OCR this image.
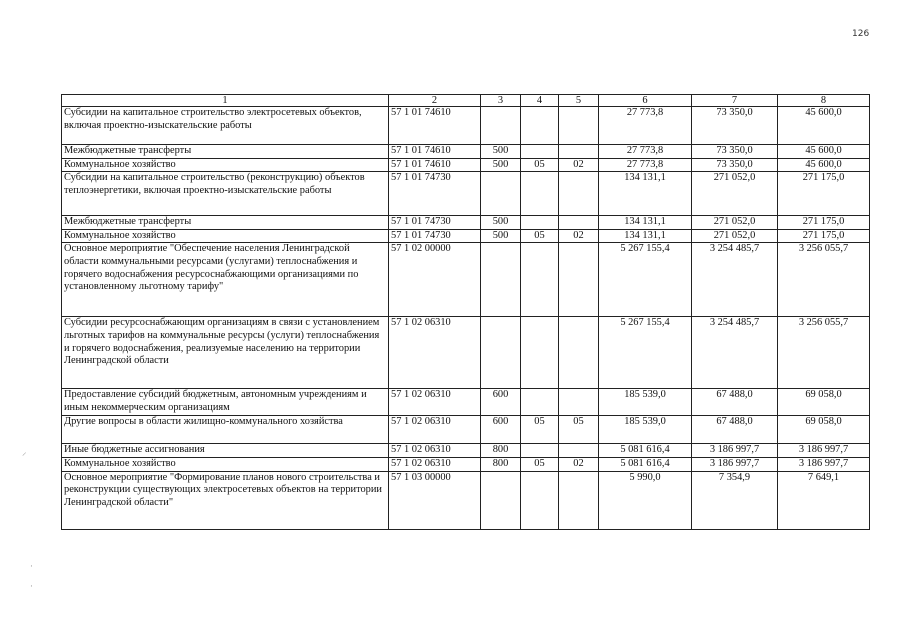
126
1	2	3	4	5	6	7	8
Субсидии на капитальное строительство электросетевых объектов, включая проектно-изыскательские работы	57 1 01 74610				27 773,8	73 350,0	45 600,0
Межбюджетные трансферты	57 1 01 74610	500			27 773,8	73 350,0	45 600,0
Коммунальное хозяйство	57 1 01 74610	500	05	02	27 773,8	73 350,0	45 600,0
Субсидии на капитальное строительство (реконструкцию) объектов теплоэнергетики, включая проектно-изыскательские работы	57 1 01 74730				134 131,1	271 052,0	271 175,0
Межбюджетные трансферты	57 1 01 74730	500			134 131,1	271 052,0	271 175,0
Коммунальное хозяйство	57 1 01 74730	500	05	02	134 131,1	271 052,0	271 175,0
Основное мероприятие "Обеспечение населения Ленинградской области коммунальными ресурсами (услугами) теплоснабжения и горячего водоснабжения ресурсоснабжающими организациями по установленному льготному тарифу"	57 1 02 00000				5 267 155,4	3 254 485,7	3 256 055,7
Субсидии ресурсоснабжающим организациям в связи с установлением льготных тарифов на коммунальные ресурсы (услуги) теплоснабжения и горячего водоснабжения, реализуемые населению на территории Ленинградской области	57 1 02 06310				5 267 155,4	3 254 485,7	3 256 055,7
Предоставление субсидий бюджетным, автономным учреждениям и иным некоммерческим организациям	57 1 02 06310	600			185 539,0	67 488,0	69 058,0
Другие вопросы в области жилищно-коммунального хозяйства	57 1 02 06310	600	05	05	185 539,0	67 488,0	69 058,0
Иные бюджетные ассигнования	57 1 02 06310	800			5 081 616,4	3 186 997,7	3 186 997,7
Коммунальное хозяйство	57 1 02 06310	800	05	02	5 081 616,4	3 186 997,7	3 186 997,7
Основное мероприятие "Формирование планов нового строительства и реконструкции существующих электросетевых объектов на территории Ленинградской области"	57 1 03 00000				5 990,0	7 354,9	7 649,1
⸝
·
·
